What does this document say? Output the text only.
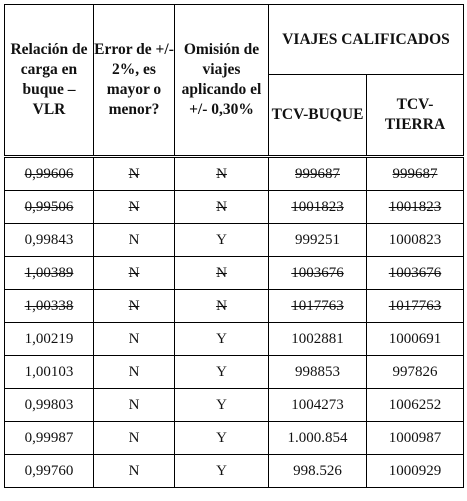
Relación de carga en buque – VLR	Error de +/- 2%, es mayor o menor?	Omisión de viajes aplicando el +/- 0,30%	VIAJES CALIFICADOS	
			TCV-BUQUE	TCV-TIERRA
0,99606	N	N	999687	999687
0,99506	N	N	1001823	1001823
0,99843	N	Y	999251	1000823
1,00389	N	N	1003676	1003676
1,00338	N	N	1017763	1017763
1,00219	N	Y	1002881	1000691
1,00103	N	Y	998853	997826
0,99803	N	Y	1004273	1006252
0,99987	N	Y	1.000.854	1000987
0,99760	N	Y	998.526	1000929
